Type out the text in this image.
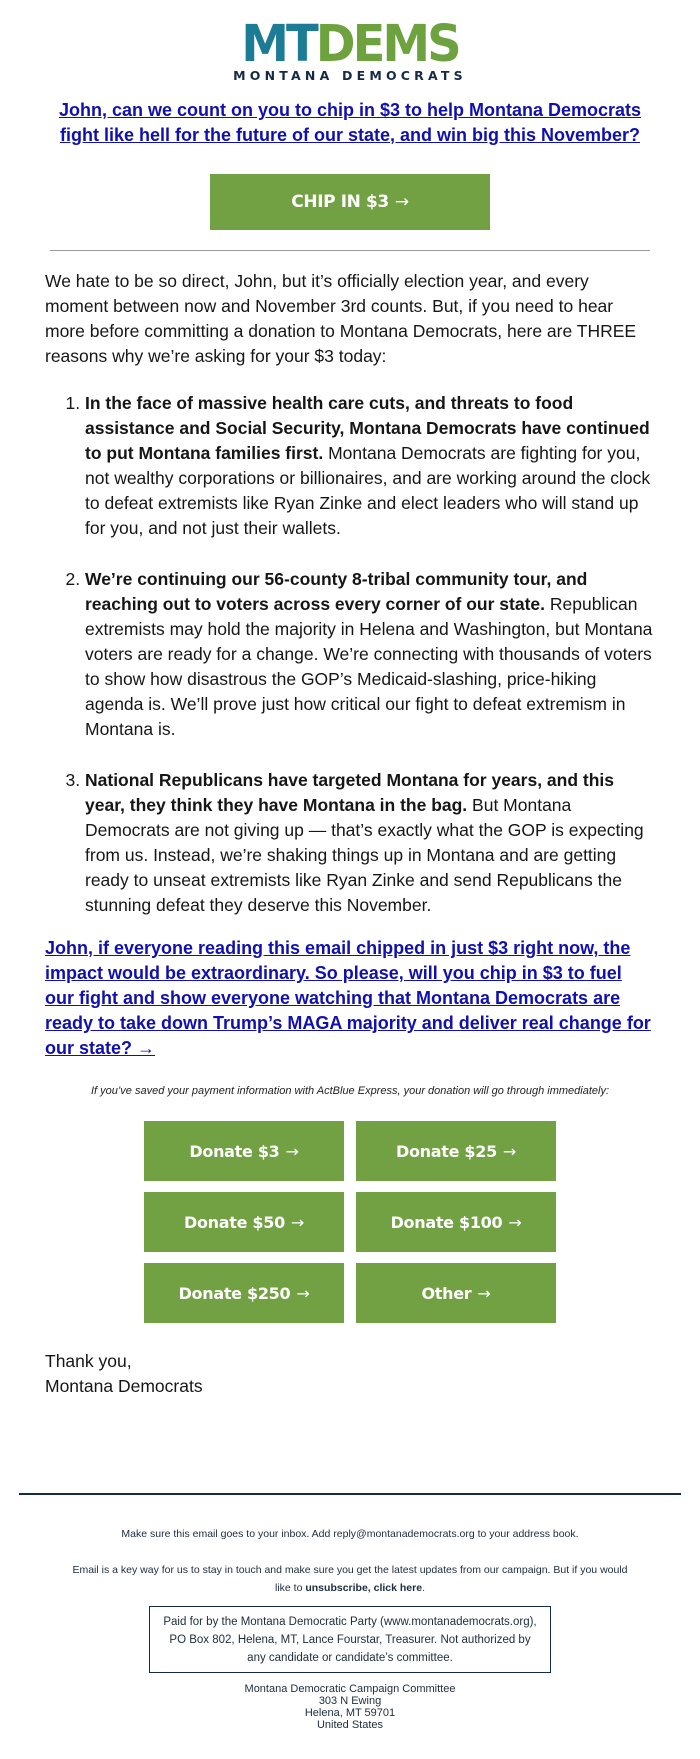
MTDEMS
MONTANA DEMOCRATS
John, can we count on you to chip in $3 to help Montana Democrats fight like hell for the future of our state, and win big this November?
CHIP IN $3 →

We hate to be so direct, John, but it’s officially election year, and every moment between now and November 3rd counts. But, if you need to hear more before committing a donation to Montana Democrats, here are THREE reasons why we’re asking for your $3 today:

1. In the face of massive health care cuts, and threats to food assistance and Social Security, Montana Democrats have continued to put Montana families first. Montana Democrats are fighting for you, not wealthy corporations or billionaires, and are working around the clock to defeat extremists like Ryan Zinke and elect leaders who will stand up for you, and not just their wallets.
2. We’re continuing our 56-county 8-tribal community tour, and reaching out to voters across every corner of our state. Republican extremists may hold the majority in Helena and Washington, but Montana voters are ready for a change. We’re connecting with thousands of voters to show how disastrous the GOP’s Medicaid-slashing, price-hiking agenda is. We’ll prove just how critical our fight to defeat extremism in Montana is.
3. National Republicans have targeted Montana for years, and this year, they think they have Montana in the bag. But Montana Democrats are not giving up — that’s exactly what the GOP is expecting from us. Instead, we’re shaking things up in Montana and are getting ready to unseat extremists like Ryan Zinke and send Republicans the stunning defeat they deserve this November.
John, if everyone reading this email chipped in just $3 right now, the impact would be extraordinary. So please, will you chip in $3 to fuel our fight and show everyone watching that Montana Democrats are ready to take down Trump’s MAGA majority and deliver real change for our state? →

If you’ve saved your payment information with ActBlue Express, your donation will go through immediately:

Donate $3 →	Donate $25 →
Donate $50 →	Donate $100 →
Donate $250 →	Other →

Thank you,
Montana Democrats

Make sure this email goes to your inbox. Add reply@montanademocrats.org to your address book.

Email is a key way for us to stay in touch and make sure you get the latest updates from our campaign. But if you would like to unsubscribe, click here.

Paid for by the Montana Democratic Party (www.montanademocrats.org), PO Box 802, Helena, MT, Lance Fourstar, Treasurer. Not authorized by any candidate or candidate’s committee.
Montana Democratic Campaign Committee
303 N Ewing
Helena, MT 59701
United States
